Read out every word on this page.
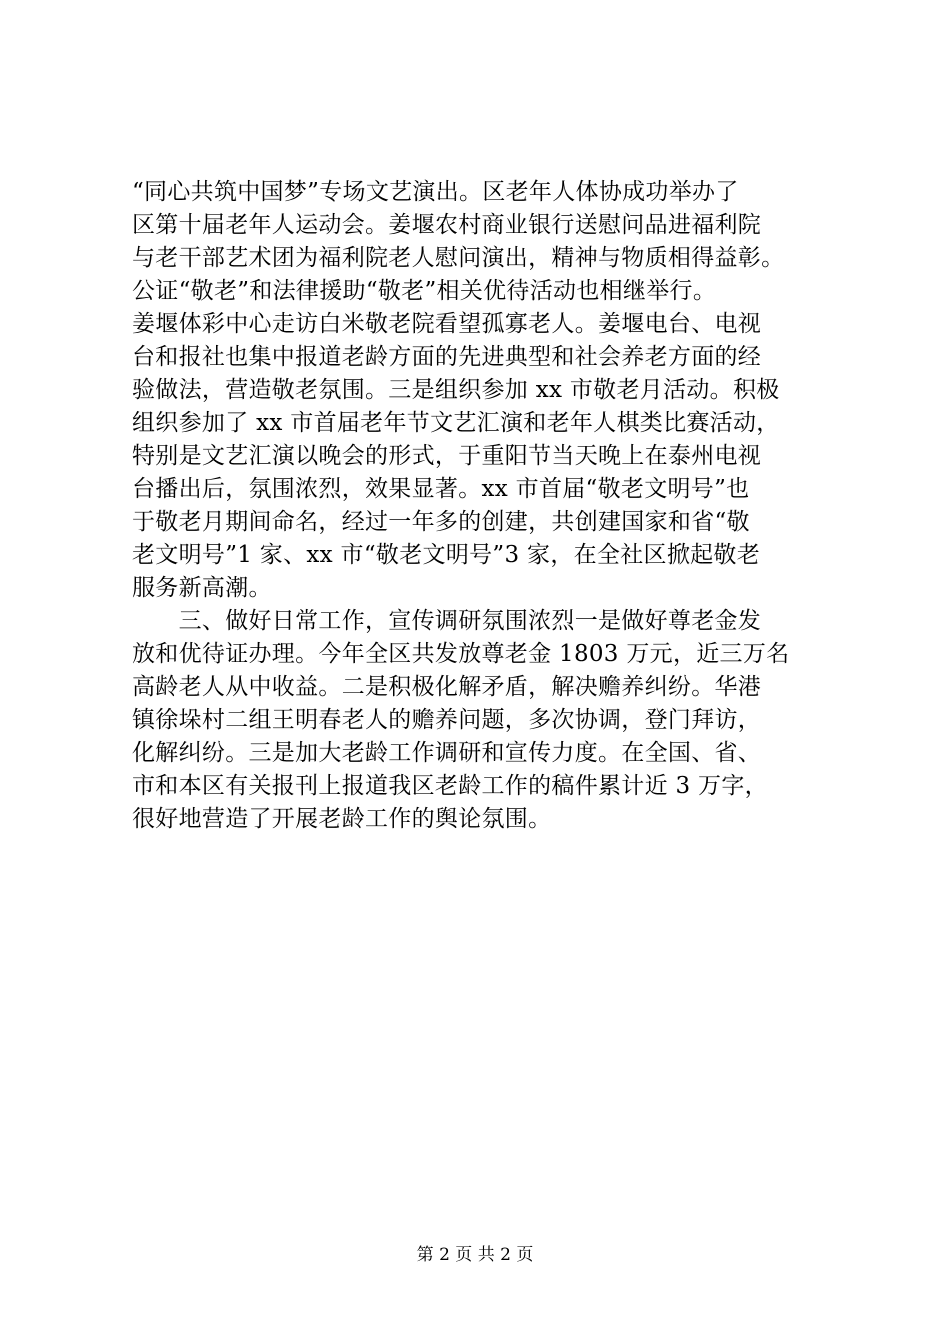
“同心共筑中国梦”专场文艺演出。区老年人体协成功举办了
区第十届老年人运动会。姜堰农村商业银行送慰问品进福利院
与老干部艺术团为福利院老人慰问演出，精神与物质相得益彰。
公证“敬老”和法律援助“敬老”相关优待活动也相继举行。
姜堰体彩中心走访白米敬老院看望孤寡老人。姜堰电台、电视
台和报社也集中报道老龄方面的先进典型和社会养老方面的经
验做法，营造敬老氛围。三是组织参加 xx 市敬老月活动。积极
组织参加了 xx 市首届老年节文艺汇演和老年人棋类比赛活动，
特别是文艺汇演以晚会的形式，于重阳节当天晚上在泰州电视
台播出后，氛围浓烈，效果显著。xx 市首届“敬老文明号”也
于敬老月期间命名，经过一年多的创建，共创建国家和省“敬
老文明号”1 家、xx 市“敬老文明号”3 家，在全社区掀起敬老
服务新高潮。
　　三、做好日常工作，宣传调研氛围浓烈一是做好尊老金发
放和优待证办理。今年全区共发放尊老金 1803 万元，近三万名
高龄老人从中收益。二是积极化解矛盾，解决赡养纠纷。华港
镇徐垛村二组王明春老人的赡养问题，多次协调，登门拜访，
化解纠纷。三是加大老龄工作调研和宣传力度。在全国、省、
市和本区有关报刊上报道我区老龄工作的稿件累计近 3 万字，
很好地营造了开展老龄工作的舆论氛围。
第 2 页 共 2 页
